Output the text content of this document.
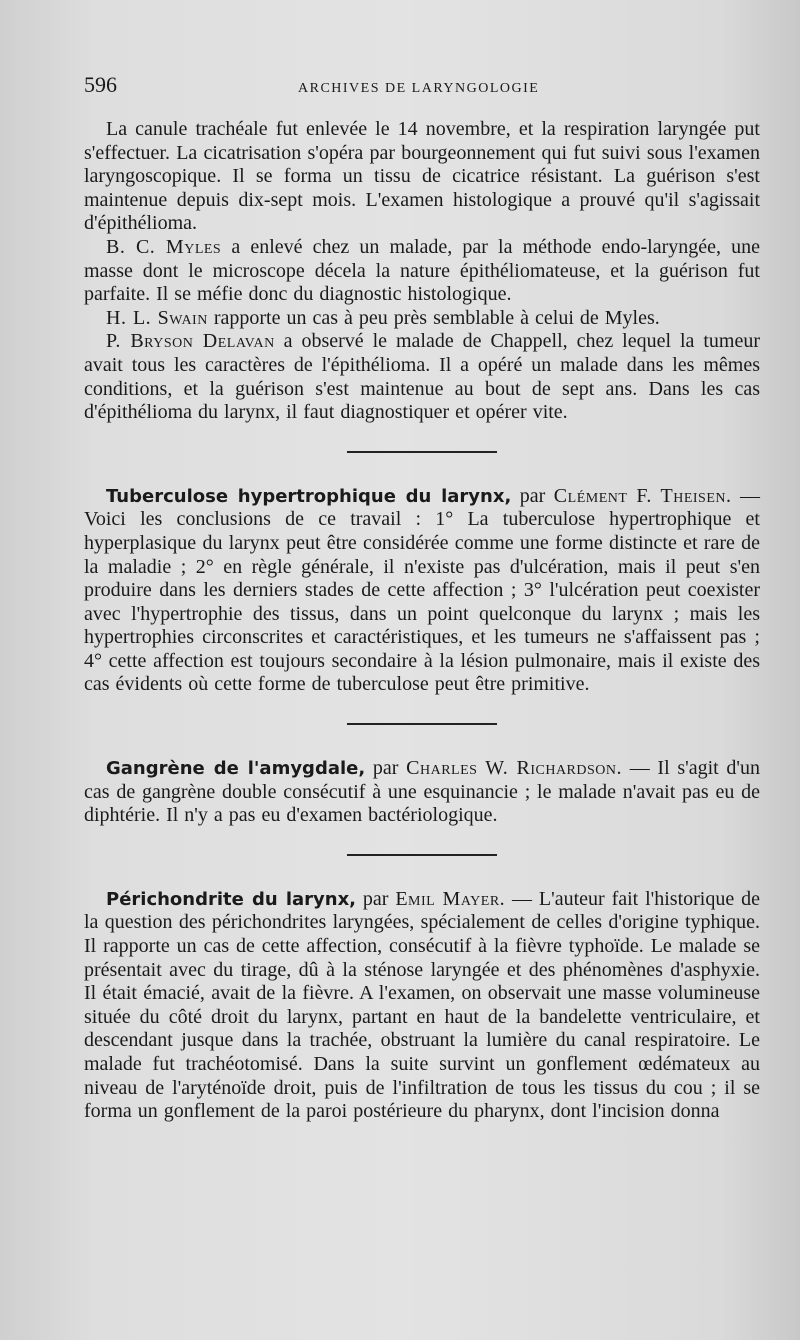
596	ARCHIVES DE LARYNGOLOGIE

La canule trachéale fut enlevée le 14 novembre, et la respiration laryngée put s'effectuer. La cicatrisation s'opéra par bourgeonnement qui fut suivi sous l'examen laryngoscopique. Il se forma un tissu de cicatrice résistant. La guérison s'est maintenue depuis dix-sept mois. L'examen histologique a prouvé qu'il s'agissait d'épithélioma.

B. C. Myles a enlevé chez un malade, par la méthode endo-laryngée, une masse dont le microscope décela la nature épithéliomateuse, et la guérison fut parfaite. Il se méfie donc du diagnostic histologique.

H. L. Swain rapporte un cas à peu près semblable à celui de Myles.

P. Bryson Delavan a observé le malade de Chappell, chez lequel la tumeur avait tous les caractères de l'épithélioma. Il a opéré un malade dans les mêmes conditions, et la guérison s'est maintenue au bout de sept ans. Dans les cas d'épithélioma du larynx, il faut diagnostiquer et opérer vite.

Tuberculose hypertrophique du larynx, par Clément F. Theisen. — Voici les conclusions de ce travail : 1° La tuberculose hypertrophique et hyperplasique du larynx peut être considérée comme une forme distincte et rare de la maladie ; 2° en règle générale, il n'existe pas d'ulcération, mais il peut s'en produire dans les derniers stades de cette affection ; 3° l'ulcération peut coexister avec l'hypertrophie des tissus, dans un point quelconque du larynx ; mais les hypertrophies circonscrites et caractéristiques, et les tumeurs ne s'affaissent pas ; 4° cette affection est toujours secondaire à la lésion pulmonaire, mais il existe des cas évidents où cette forme de tuberculose peut être primitive.

Gangrène de l'amygdale, par Charles W. Richardson. — Il s'agit d'un cas de gangrène double consécutif à une esquinancie ; le malade n'avait pas eu de diphtérie. Il n'y a pas eu d'examen bactériologique.

Périchondrite du larynx, par Emil Mayer. — L'auteur fait l'historique de la question des périchondrites laryngées, spécialement de celles d'origine typhique. Il rapporte un cas de cette affection, consécutif à la fièvre typhoïde. Le malade se présentait avec du tirage, dû à la sténose laryngée et des phénomènes d'asphyxie. Il était émacié, avait de la fièvre. A l'examen, on observait une masse volumineuse située du côté droit du larynx, partant en haut de la bandelette ventriculaire, et descendant jusque dans la trachée, obstruant la lumière du canal respiratoire. Le malade fut trachéotomisé. Dans la suite survint un gonflement œdémateux au niveau de l'aryténoïde droit, puis de l'infiltration de tous les tissus du cou ; il se forma un gonflement de la paroi postérieure du pharynx, dont l'incision donna
